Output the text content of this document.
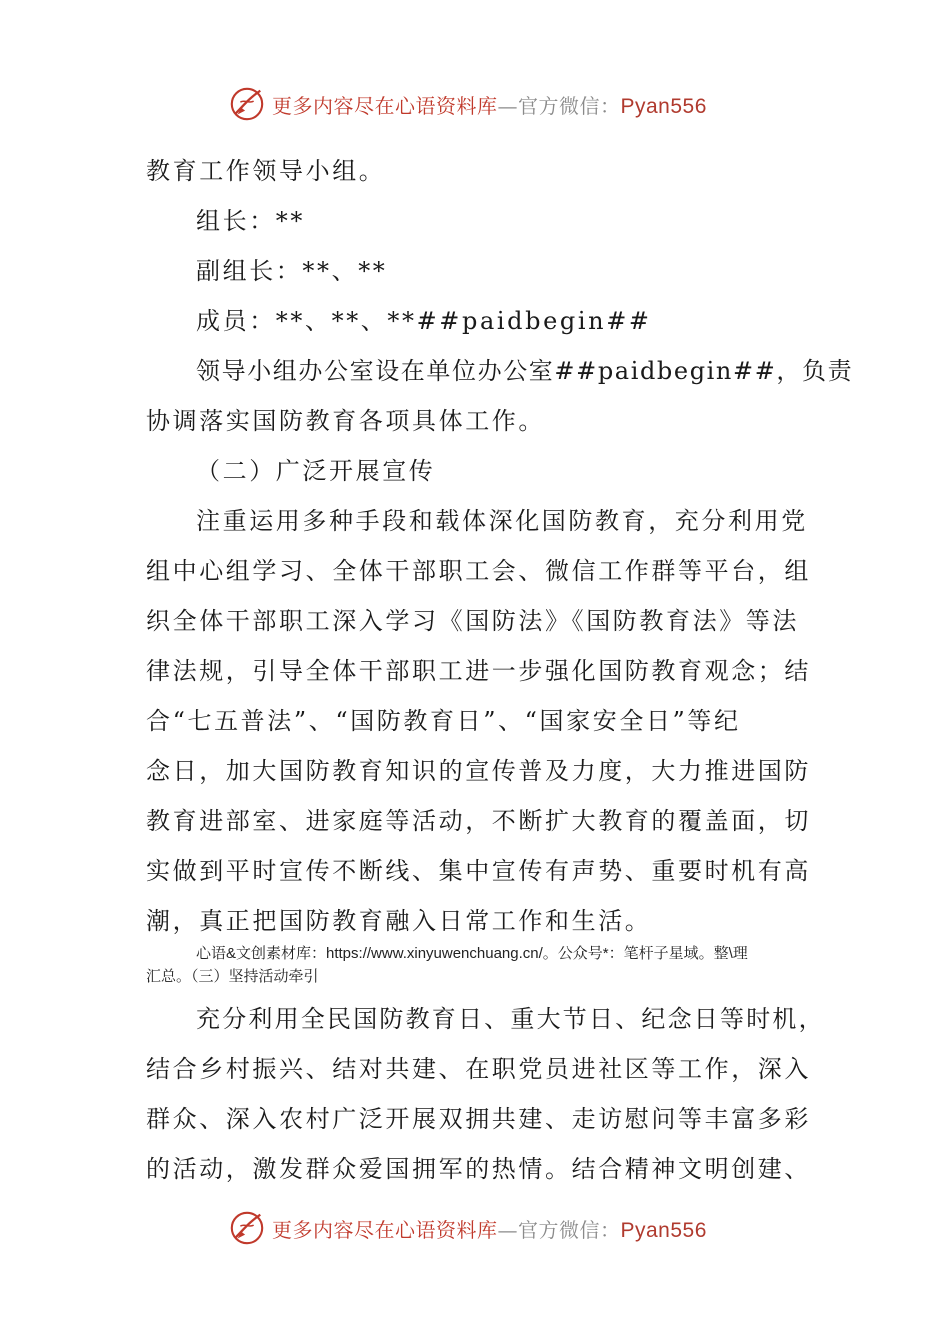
更多内容尽在心语资料库—官方微信：Pyan556
教育工作领导小组。
组长：**
副组长：**、**
成员：**、**、**##paidbegin##
领导小组办公室设在单位办公室##paidbegin##，负责
协调落实国防教育各项具体工作。
（二）广泛开展宣传
注重运用多种手段和载体深化国防教育，充分利用党
组中心组学习、全体干部职工会、微信工作群等平台，组
织全体干部职工深入学习《国防法》《国防教育法》等法
律法规，引导全体干部职工进一步强化国防教育观念；结
合“七五普法”、“国防教育日”、“国家安全日”等纪
念日，加大国防教育知识的宣传普及力度，大力推进国防
教育进部室、进家庭等活动，不断扩大教育的覆盖面，切
实做到平时宣传不断线、集中宣传有声势、重要时机有高
潮，真正把国防教育融入日常工作和生活。
心语&文创素材库：https://www.xinyuwenchuang.cn/。公众号*：笔杆子星域。整\理
汇总。（三）坚持活动牵引
充分利用全民国防教育日、重大节日、纪念日等时机，
结合乡村振兴、结对共建、在职党员进社区等工作，深入
群众、深入农村广泛开展双拥共建、走访慰问等丰富多彩
的活动，激发群众爱国拥军的热情。结合精神文明创建、
更多内容尽在心语资料库—官方微信：Pyan556
